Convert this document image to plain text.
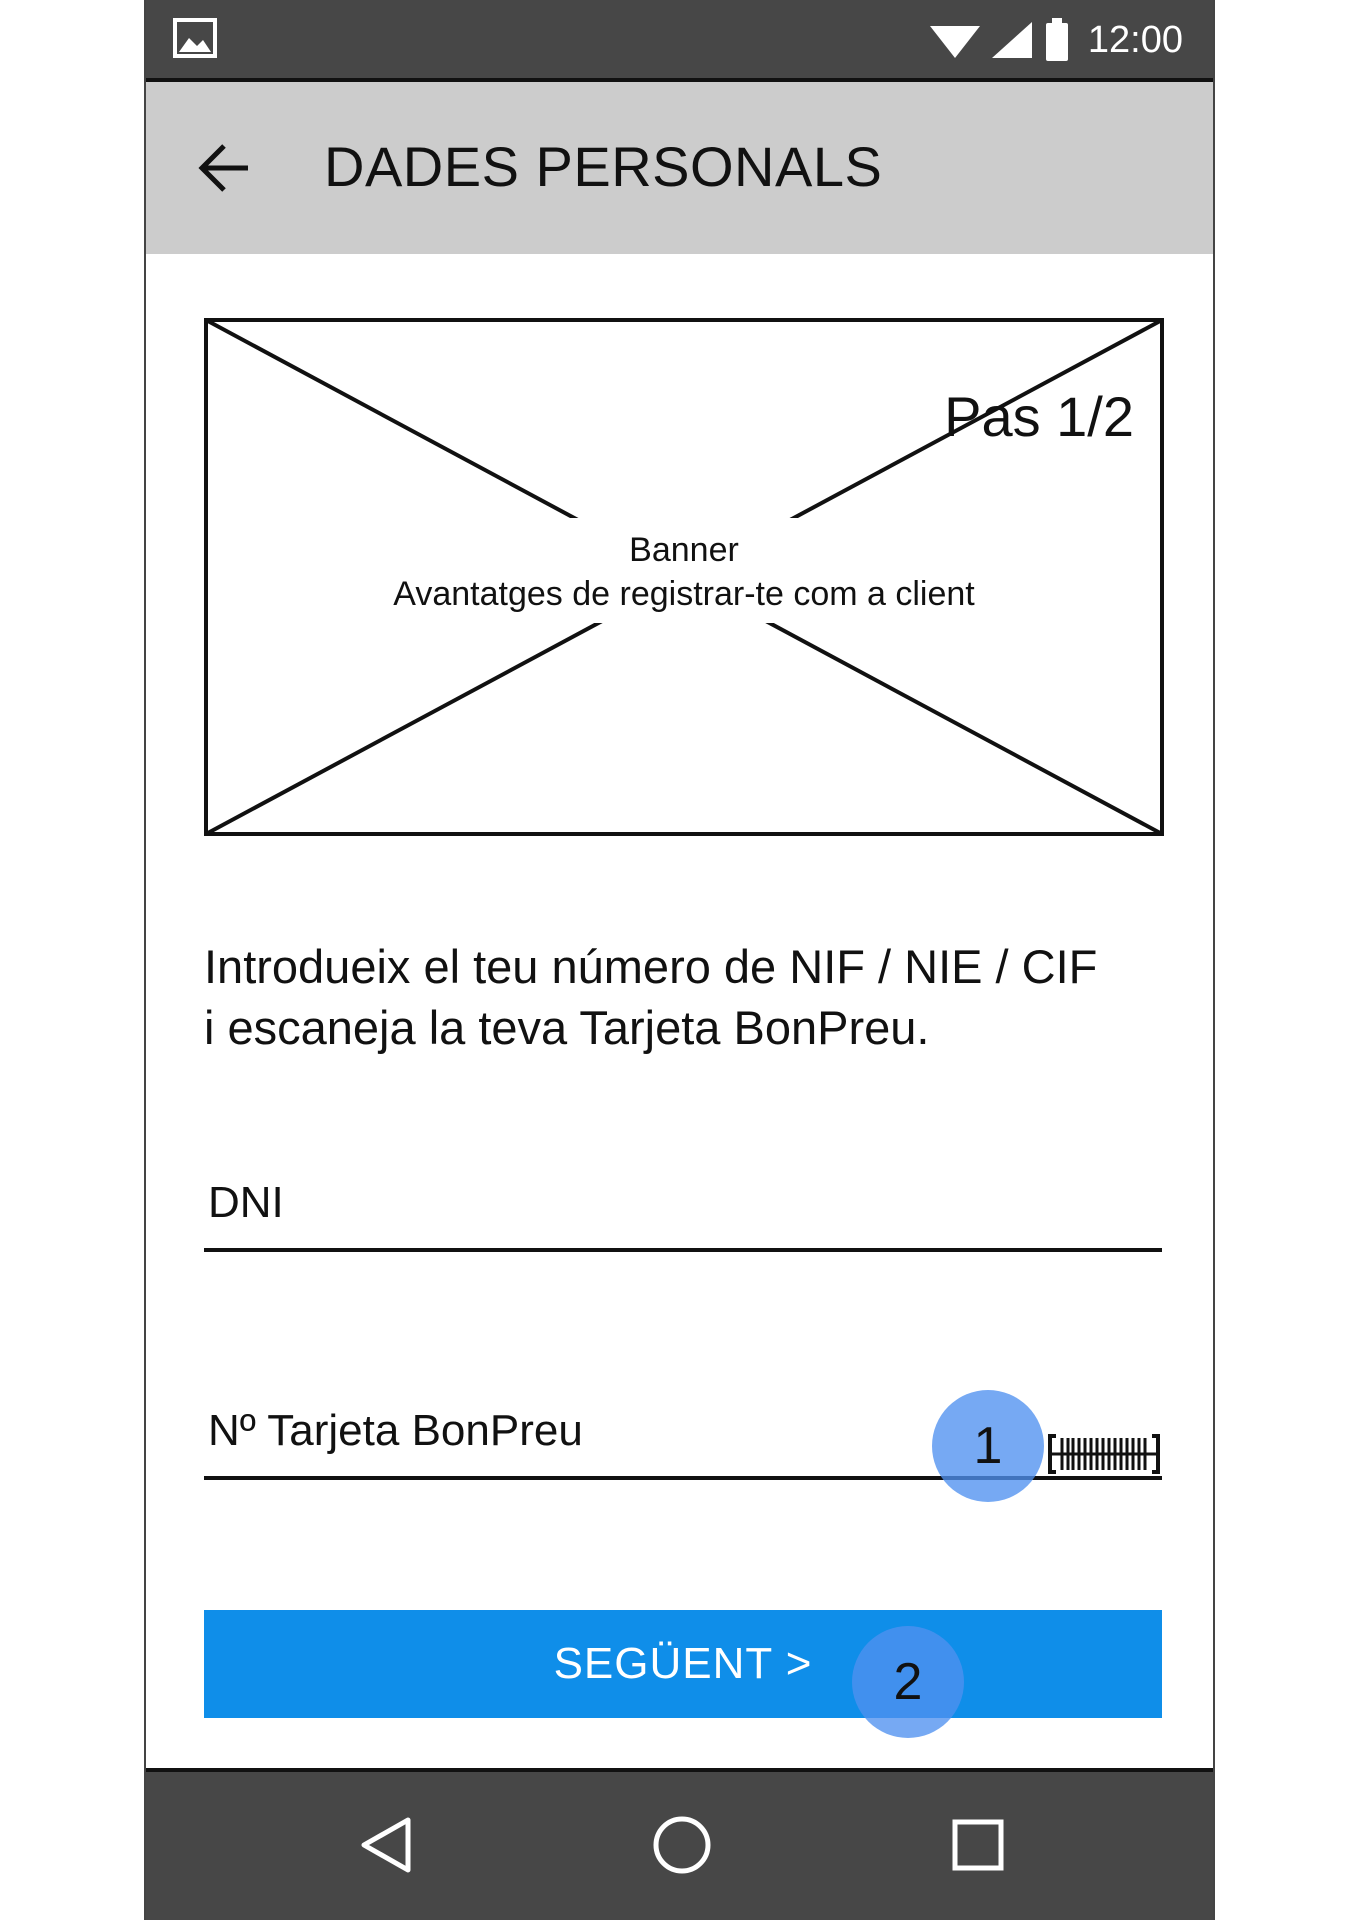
12:00
DADES PERSONALS
Pas 1/2
Banner
Avantatges de registrar-te com a client
Introdueix el teu número de NIF / NIE / CIF
i escaneja la teva Tarjeta BonPreu.
DNI
Nº Tarjeta BonPreu
SEGÜENT >
1
2
